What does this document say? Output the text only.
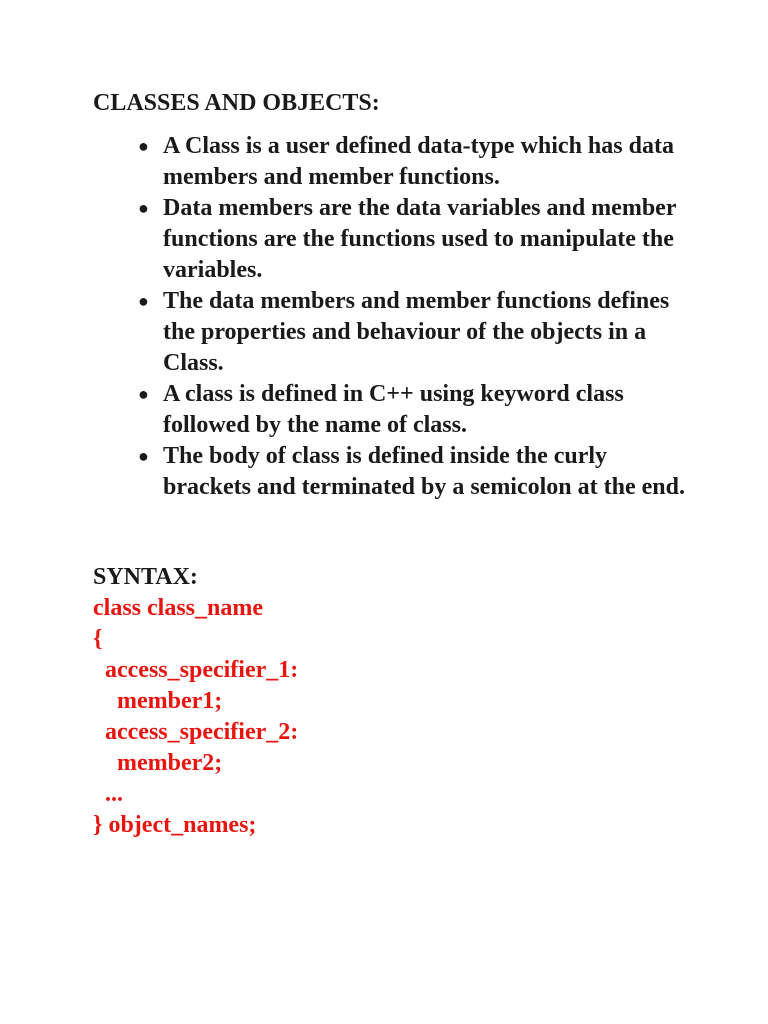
CLASSES AND OBJECTS:
● A Class is a user defined data-type which has data members and member functions.
● Data members are the data variables and member functions are the functions used to manipulate the variables.
● The data members and member functions defines the properties and behaviour of the objects in a Class.
● A class is defined in C++ using keyword class followed by the name of class.
● The body of class is defined inside the curly brackets and terminated by a semicolon at the end.
SYNTAX:
class class_name
{
access_specifier_1:
member1;
access_specifier_2:
member2;
...
} object_names;
